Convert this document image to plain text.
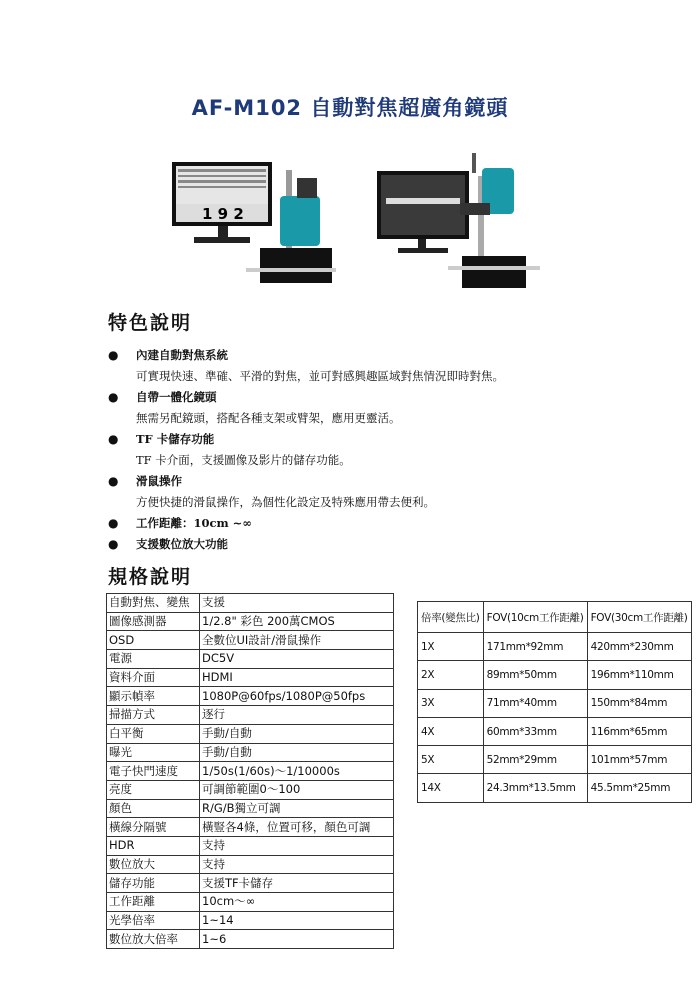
AF-M102 自動對焦超廣角鏡頭
1 9 2
特色說明
● 內建自動對焦系統
可實現快速、準確、平滑的對焦，並可對感興趣區域對焦情況即時對焦。
● 自帶一體化鏡頭
無需另配鏡頭，搭配各種支架或臂架，應用更靈活。
● TF 卡儲存功能
TF 卡介面，支援圖像及影片的儲存功能。
● 滑鼠操作
方便快捷的滑鼠操作，為個性化設定及特殊應用帶去便利。
● 工作距離：10cm ~∞
● 支援數位放大功能
規格說明
自動對焦、變焦	支援
圖像感測器	1/2.8" 彩色 200萬CMOS
OSD	全數位UI設計/滑鼠操作
電源	DC5V
資料介面	HDMI
顯示幀率	1080P@60fps/1080P@50fps
掃描方式	逐行
白平衡	手動/自動
曝光	手動/自動
電子快門速度	1/50s(1/60s)～1/10000s
亮度	可調節範圍0～100
顏色	R/G/B獨立可調
橫線分隔號	橫豎各4條，位置可移，顏色可調
HDR	支持
數位放大	支持
儲存功能	支援TF卡儲存
工作距離	10cm～∞
光學倍率	1~14
數位放大倍率	1~6
倍率(變焦比)	FOV(10cm工作距離)	FOV(30cm工作距離)
1X	171mm*92mm	420mm*230mm
2X	89mm*50mm	196mm*110mm
3X	71mm*40mm	150mm*84mm
4X	60mm*33mm	116mm*65mm
5X	52mm*29mm	101mm*57mm
14X	24.3mm*13.5mm	45.5mm*25mm
